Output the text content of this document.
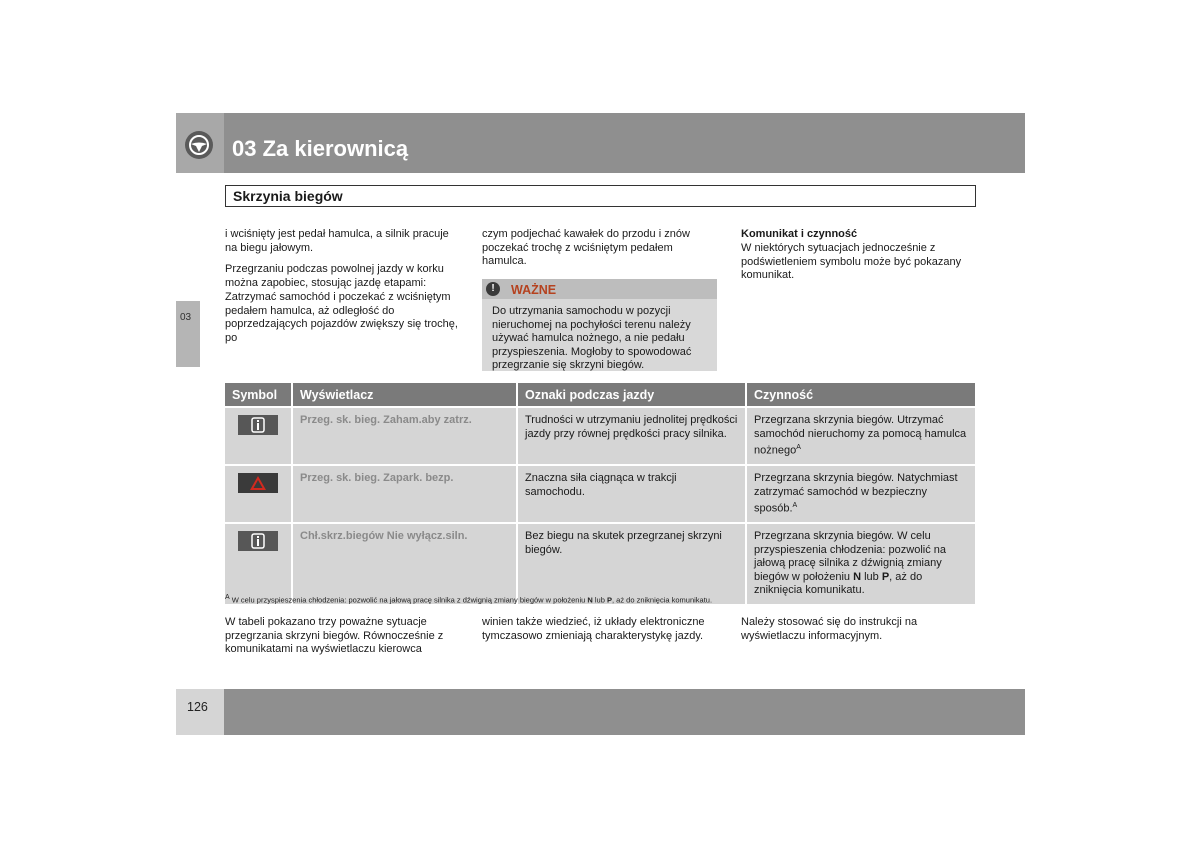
03 Za kierownicą
Skrzynia biegów
03

i wciśnięty jest pedał hamulca, a silnik pracuje na biegu jałowym.

Przegrzaniu podczas powolnej jazdy w korku można zapobiec, stosując jazdę etapami: Zatrzymać samochód i poczekać z wciśniętym pedałem hamulca, aż odległość do poprzedzających pojazdów zwiększy się trochę, po

czym podjechać kawałek do przodu i znów poczekać trochę z wciśniętym pedałem hamulca.

!	WAŻNE
Do utrzymania samochodu w pozycji nieruchomej na pochyłości terenu należy używać hamulca nożnego, a nie pedału przyspieszenia. Mogłoby to spowodować przegrzanie się skrzyni biegów.
Komunikat i czynność

W niektórych sytuacjach jednocześnie z podświetleniem symbolu może być pokazany komunikat.

Symbol	Wyświetlacz	Oznaki podczas jazdy	Czynność
	Przeg. sk. bieg. Zaham.aby zatrz.	Trudności w utrzymaniu jednolitej prędkości jazdy przy równej prędkości pracy silnika.	Przegrzana skrzynia biegów. Utrzymać samochód nieruchomy za pomocą hamulca nożnego$^A$
	Przeg. sk. bieg. Zapark. bezp.	Znaczna siła ciągnąca w trakcji samochodu.	Przegrzana skrzynia biegów. Natychmiast zatrzymać samochód w bezpieczny sposób.$^A$
	Chł.skrz.biegów Nie wyłącz.siln.	Bez biegu na skutek przegrzanej skrzyni biegów.	Przegrzana skrzynia biegów. W celu przyspieszenia chłodzenia: pozwolić na jałową pracę silnika z dźwignią zmiany biegów w położeniu N lub P, aż do zniknięcia komunikatu.
$^A$ W celu przyspieszenia chłodzenia: pozwolić na jałową pracę silnika z dźwignią zmiany biegów w położeniu N lub P, aż do zniknięcia komunikatu.

W tabeli pokazano trzy poważne sytuacje przegrzania skrzyni biegów. Równocześnie z komunikatami na wyświetlaczu kierowca

winien także wiedzieć, iż układy elektroniczne tymczasowo zmieniają charakterystykę jazdy.

Należy stosować się do instrukcji na wyświetlaczu informacyjnym.

126
